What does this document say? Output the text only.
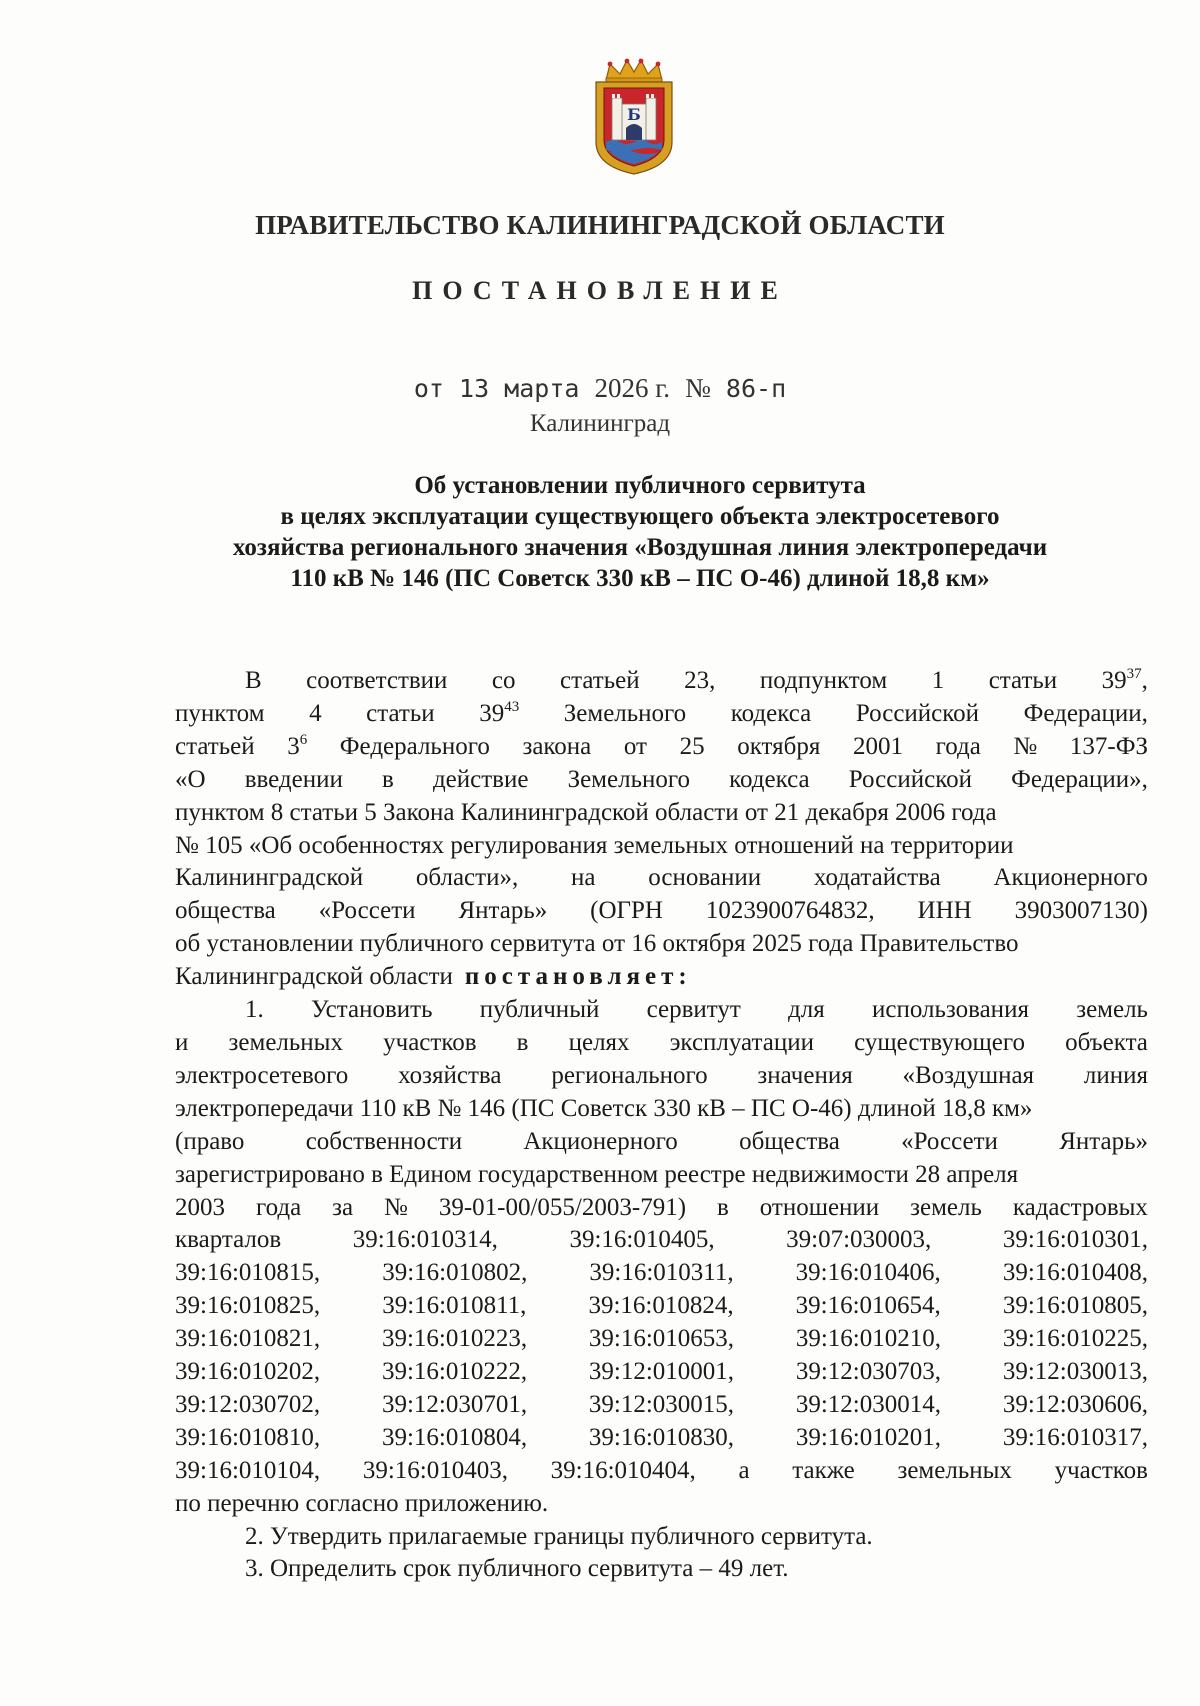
Б
ПРАВИТЕЛЬСТВО КАЛИНИНГРАДСКОЙ ОБЛАСТИ
ПОСТАНОВЛЕНИЕ
от 13 марта 2026 г. № 86-п
Калининград
Об установлении публичного сервитута
в целях эксплуатации существующего объекта электросетевого
хозяйства регионального значения «Воздушная линия электропередачи
110 кВ № 146 (ПС Советск 330 кВ – ПС О-46) длиной 18,8 км»
В соответствии со статьей 23, подпунктом 1 статьи $39^{37}$,
пунктом 4 статьи $39^{43}$ Земельного кодекса Российской Федерации,
статьей $3^6$ Федерального закона от 25 октября 2001 года № 137-ФЗ
«О введении в действие Земельного кодекса Российской Федерации»,
пунктом 8 статьи 5 Закона Калининградской области от 21 декабря 2006 года
№ 105 «Об особенностях регулирования земельных отношений на территории
Калининградской области», на основании ходатайства Акционерного
общества «Россети Янтарь» (ОГРН 1023900764832, ИНН 3903007130)
об установлении публичного сервитута от 16 октября 2025 года Правительство
Калининградской области постановляет:
1. Установить публичный сервитут для использования земель
и земельных участков в целях эксплуатации существующего объекта
электросетевого хозяйства регионального значения «Воздушная линия
электропередачи 110 кВ № 146 (ПС Советск 330 кВ – ПС О-46) длиной 18,8 км»
(право собственности Акционерного общества «Россети Янтарь»
зарегистрировано в Едином государственном реестре недвижимости 28 апреля
2003 года за № 39-01-00/055/2003-791) в отношении земель кадастровых
кварталов	39:16:010314,	39:16:010405,	39:07:030003,	39:16:010301,
39:16:010815, 39:16:010802, 39:16:010311, 39:16:010406, 39:16:010408,
39:16:010825, 39:16:010811, 39:16:010824, 39:16:010654, 39:16:010805,
39:16:010821, 39:16:010223, 39:16:010653, 39:16:010210, 39:16:010225,
39:16:010202, 39:16:010222, 39:12:010001, 39:12:030703, 39:12:030013,
39:12:030702, 39:12:030701, 39:12:030015, 39:12:030014, 39:12:030606,
39:16:010810, 39:16:010804, 39:16:010830, 39:16:010201, 39:16:010317,
39:16:010104, 39:16:010403, 39:16:010404, а также земельных участков
по перечню согласно приложению.
2. Утвердить прилагаемые границы публичного сервитута.
3. Определить срок публичного сервитута – 49 лет.
